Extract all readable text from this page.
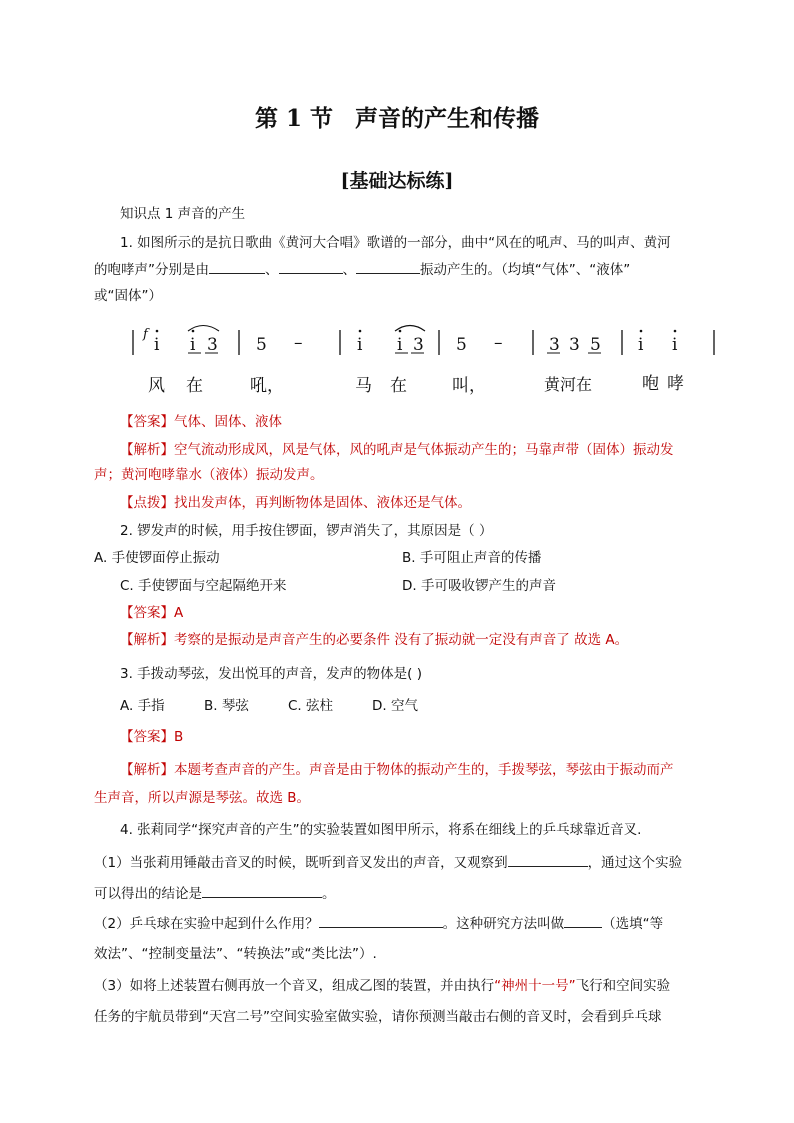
第 1 节 声音的产生和传播
[基础达标练]
知识点 1 声音的产生
1. 如图所示的是抗日歌曲《黄河大合唱》歌谱的一部分，曲中“风在的吼声、马的叫声、黄河
的咆哮声”分别是由	、	、	振动产生的。（均填“气体”、“液体”
或“固体”）
f
i i 3 5 –	i i 3 5 –	3 3 5 i i
风 在	吼，	马 在	叫，	黄河在	咆 哮
【答案】气体、固体、液体
【解析】空气流动形成风，风是气体，风的吼声是气体振动产生的；马靠声带（固体）振动发
声；黄河咆哮靠水（液体）振动发声。
【点拨】找出发声体，再判断物体是固体、液体还是气体。
2. 锣发声的时候，用手按住锣面，锣声消失了，其原因是（ ）
A. 手使锣面停止振动	B. 手可阻止声音的传播
C. 手使锣面与空起隔绝开来	D. 手可吸收锣产生的声音
【答案】A
【解析】考察的是振动是声音产生的必要条件 没有了振动就一定没有声音了 故选 A。
3. 手拨动琴弦，发出悦耳的声音，发声的物体是( )
A. 手指	B. 琴弦	C. 弦柱	D. 空气
【答案】B
【解析】本题考查声音的产生。声音是由于物体的振动产生的，手拨琴弦，琴弦由于振动而产
生声音，所以声源是琴弦。故选 B。
4. 张莉同学“探究声音的产生”的实验装置如图甲所示，将系在细线上的乒乓球靠近音叉.
（1）当张莉用锤敲击音叉的时候，既听到音叉发出的声音，又观察到	，通过这个实验
可以得出的结论是	。
（2）乒乓球在实验中起到什么作用？	。这种研究方法叫做	（选填“等
效法”、“控制变量法”、“转换法”或“类比法”）.
（3）如将上述装置右侧再放一个音叉，组成乙图的装置，并由执行“神州十一号”飞行和空间实验
任务的宇航员带到“天宫二号”空间实验室做实验，请你预测当敲击右侧的音叉时，会看到乒乓球
